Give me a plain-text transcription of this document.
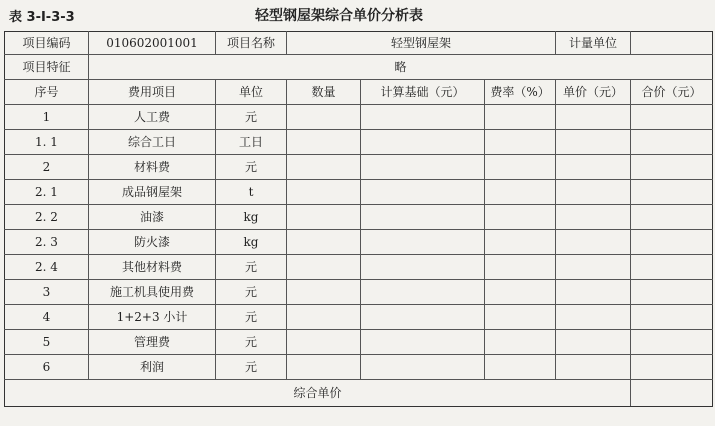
表 3-Ⅰ-3-3	轻型钢屋架综合单价分析表
项目编码	010602001001	项目名称	轻型钢屋架			计量单位	
项目特征	略						
序号	费用项目	单位	数量	计算基础（元）	费率（%）	单价（元）	合价（元）
1	人工费	元					
1. 1	综合工日	工日					
2	材料费	元					
2. 1	成品钢屋架	t					
2. 2	油漆	kg					
2. 3	防火漆	kg					
2. 4	其他材料费	元					
3	施工机具使用费	元					
4	1+2+3 小计	元					
5	管理费	元					
6	利润	元					
综合单价							
